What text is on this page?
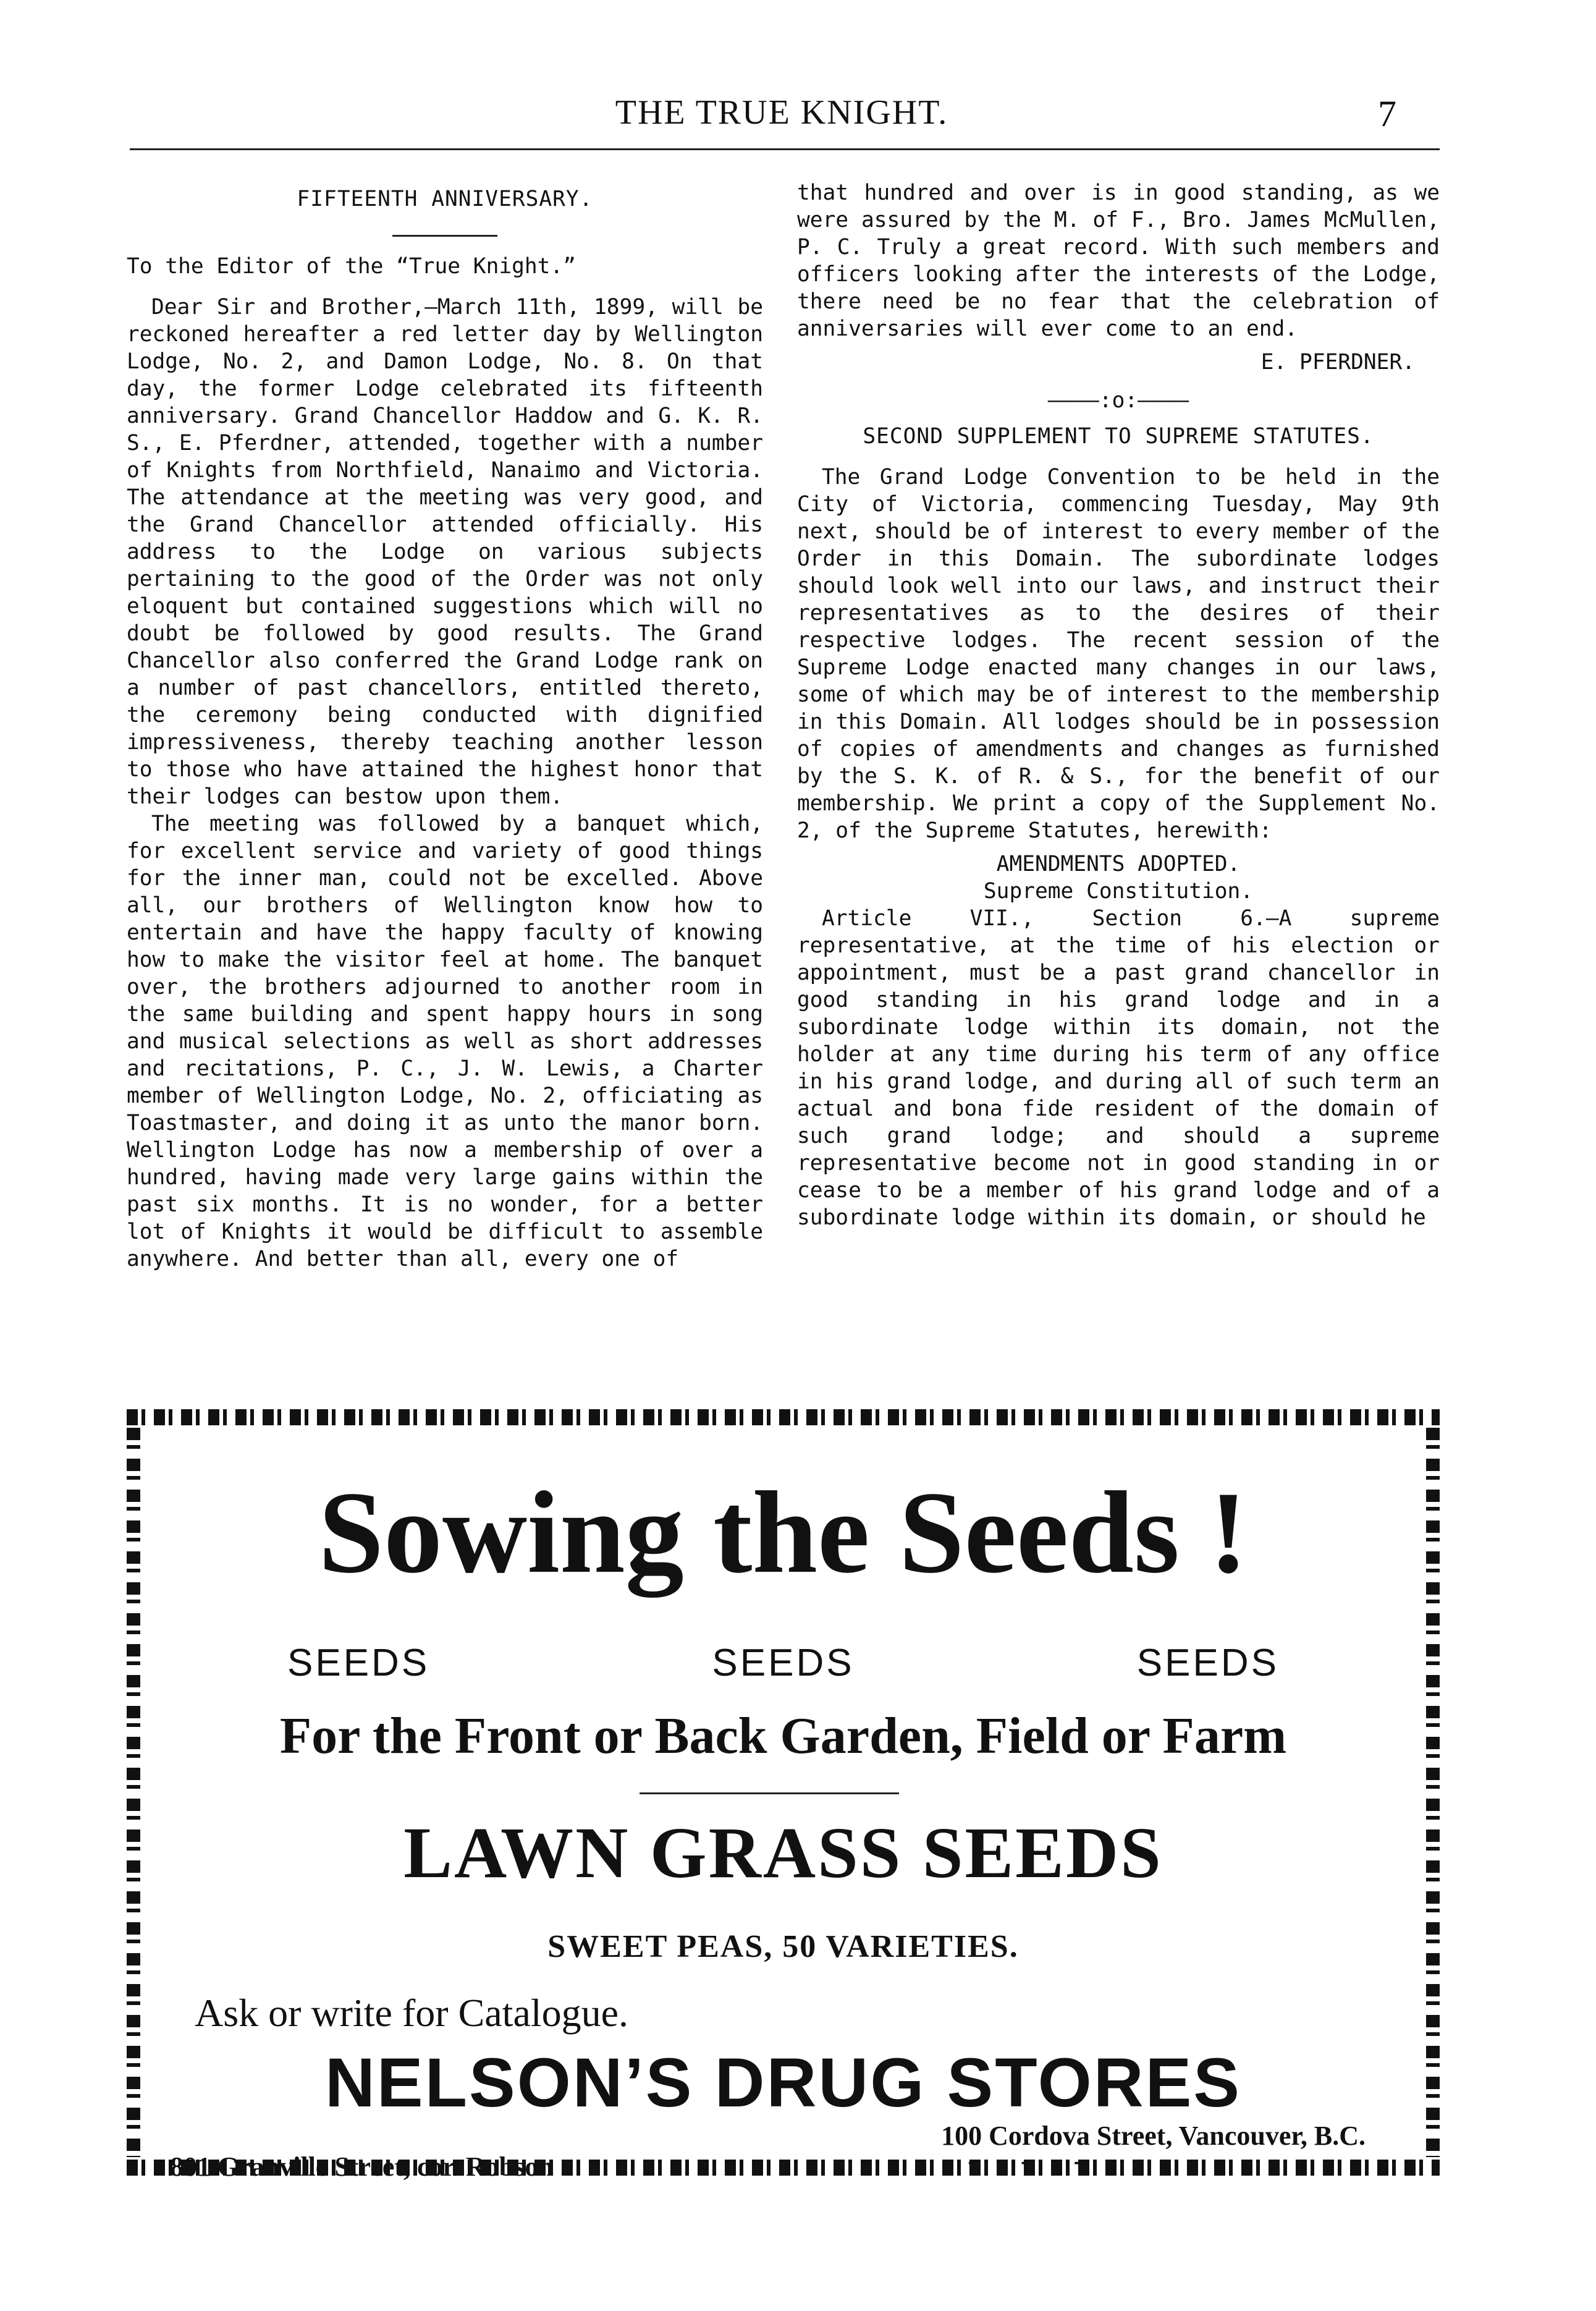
THE TRUE KNIGHT.	7
FIFTEENTH ANNIVERSARY.

To the Editor of the “True Knight.”

Dear Sir and Brother,—March 11th, 1899, will be reckoned hereafter a red letter day by Wellington Lodge, No. 2, and Damon Lodge, No. 8. On that day, the former Lodge celebrated its fifteenth anniversary. Grand Chancellor Haddow and G. K. R. S., E. Pferdner, attended, together with a number of Knights from Northfield, Nanaimo and Victoria. The attendance at the meeting was very good, and the Grand Chancellor attended officially. His address to the Lodge on various subjects pertaining to the good of the Order was not only eloquent but contained suggestions which will no doubt be followed by good results. The Grand Chancellor also conferred the Grand Lodge rank on a number of past chancellors, entitled thereto, the ceremony being conducted with dignified impressiveness, thereby teaching another lesson to those who have attained the highest honor that their lodges can bestow upon them.

The meeting was followed by a banquet which, for excellent service and variety of good things for the inner man, could not be excelled. Above all, our brothers of Wellington know how to entertain and have the happy faculty of knowing how to make the visitor feel at home. The banquet over, the brothers adjourned to another room in the same building and spent happy hours in song and musical selections as well as short addresses and recitations, P. C., J. W. Lewis, a Charter member of Wellington Lodge, No. 2, officiating as Toastmaster, and doing it as unto the manor born. Wellington Lodge has now a membership of over a hundred, having made very large gains within the past six months. It is no wonder, for a better lot of Knights it would be difficult to assemble anywhere. And better than all, every one of

that hundred and over is in good standing, as we were assured by the M. of F., Bro. James McMullen, P. C. Truly a great record. With such members and officers looking after the interests of the Lodge, there need be no fear that the celebration of anniversaries will ever come to an end.

E. PFERDNER.
————:o:————
SECOND SUPPLEMENT TO SUPREME STATUTES.

The Grand Lodge Convention to be held in the City of Victoria, commencing Tuesday, May 9th next, should be of interest to every member of the Order in this Domain. The subordinate lodges should look well into our laws, and instruct their representatives as to the desires of their respective lodges. The recent session of the Supreme Lodge enacted many changes in our laws, some of which may be of interest to the membership in this Domain. All lodges should be in possession of copies of amendments and changes as furnished by the S. K. of R. & S., for the benefit of our membership. We print a copy of the Supplement No. 2, of the Supreme Statutes, herewith:

AMENDMENTS ADOPTED.
Supreme Constitution.

Article VII., Section 6.—A supreme representative, at the time of his election or appointment, must be a past grand chancellor in good standing in his grand lodge and in a subordinate lodge within its domain, not the holder at any time during his term of any office in his grand lodge, and during all of such term an actual and bona fide resident of the domain of such grand lodge; and should a supreme representative become not in good standing in or cease to be a member of his grand lodge and of a subordinate lodge within its domain, or should he

Sowing the Seeds !
SEEDS	SEEDS	SEEDS
For the Front or Back Garden, Field or Farm
LAWN GRASS SEEDS
SWEET PEAS, 50 VARIETIES.
Ask or write for Catalogue.
NELSON’S DRUG STORES
100 Cordova Street, Vancouver, B.C.
- - - - -
801 Granville Street, cor. Robson
